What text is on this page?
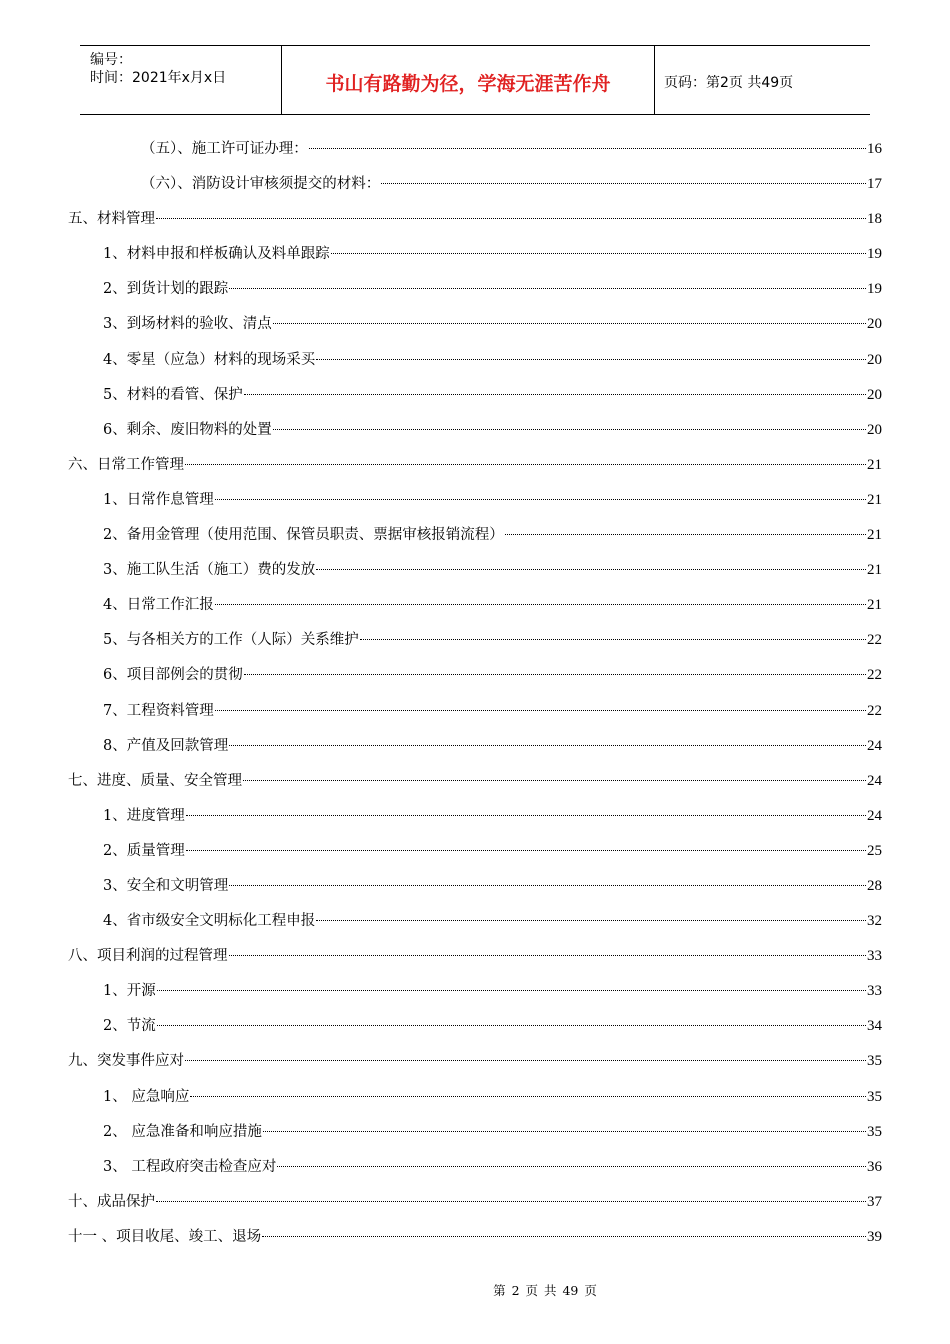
编号：
时间：2021年x月x日	书山有路勤为径，学海无涯苦作舟	页码：第2页 共49页
（五）、施工许可证办理：	16
（六）、消防设计审核须提交的材料：	17
五、材料管理	18
1、材料申报和样板确认及料单跟踪	19
2、到货计划的跟踪	19
3、到场材料的验收、清点	20
4、零星（应急）材料的现场采买	20
5、材料的看管、保护	20
6、剩余、废旧物料的处置	20
六、日常工作管理	21
1、日常作息管理	21
2、备用金管理（使用范围、保管员职责、票据审核报销流程）	21
3、施工队生活（施工）费的发放	21
4、日常工作汇报	21
5、与各相关方的工作（人际）关系维护	22
6、项目部例会的贯彻	22
7、工程资料管理	22
8、产值及回款管理	24
七、进度、质量、安全管理	24
1、进度管理	24
2、质量管理	25
3、安全和文明管理	28
4、省市级安全文明标化工程申报	32
八、项目利润的过程管理	33
1、开源	33
2、节流	34
九、突发事件应对	35
1、 应急响应	35
2、 应急准备和响应措施	35
3、 工程政府突击检查应对	36
十、成品保护	37
十一 、项目收尾、竣工、退场	39
第 2 页 共 49 页
